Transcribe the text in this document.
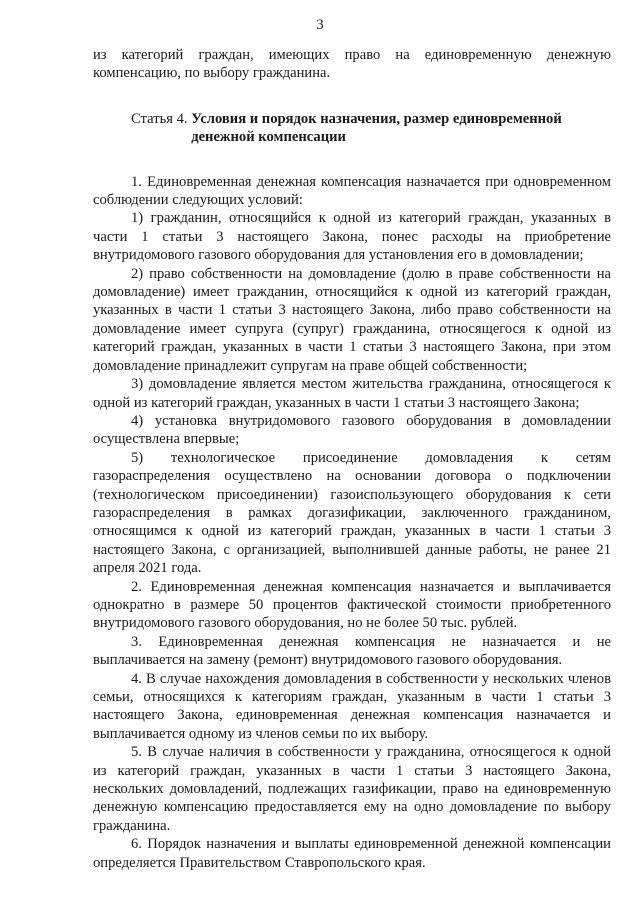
3

из категорий граждан, имеющих право на единовременную денежную компенсацию, по выбору гражданина.

Статья 4. Условия и порядок назначения, размер единовременной денежной компенсации

1. Единовременная денежная компенсация назначается при одновременном соблюдении следующих условий:

1) гражданин, относящийся к одной из категорий граждан, указанных в части 1 статьи 3 настоящего Закона, понес расходы на приобретение внутридомового газового оборудования для установления его в домовладении;

2) право собственности на домовладение (долю в праве собственности на домовладение) имеет гражданин, относящийся к одной из категорий граждан, указанных в части 1 статьи 3 настоящего Закона, либо право собственности на домовладение имеет супруга (супруг) гражданина, относящегося к одной из категорий граждан, указанных в части 1 статьи 3 настоящего Закона, при этом домовладение принадлежит супругам на праве общей собственности;

3) домовладение является местом жительства гражданина, относящегося к одной из категорий граждан, указанных в части 1 статьи 3 настоящего Закона;

4) установка внутридомового газового оборудования в домовладении осуществлена впервые;

5) технологическое присоединение домовладения к сетям газораспределения осуществлено на основании договора о подключении (технологическом присоединении) газоиспользующего оборудования к сети газораспределения в рамках догазификации, заключенного гражданином, относящимся к одной из категорий граждан, указанных в части 1 статьи 3 настоящего Закона, с организацией, выполнившей данные работы, не ранее 21 апреля 2021 года.

2. Единовременная денежная компенсация назначается и выплачивается однократно в размере 50 процентов фактической стоимости приобретенного внутридомового газового оборудования, но не более 50 тыс. рублей.

3. Единовременная денежная компенсация не назначается и не выплачивается на замену (ремонт) внутридомового газового оборудования.

4. В случае нахождения домовладения в собственности у нескольких членов семьи, относящихся к категориям граждан, указанным в части 1 статьи 3 настоящего Закона, единовременная денежная компенсация назначается и выплачивается одному из членов семьи по их выбору.

5. В случае наличия в собственности у гражданина, относящегося к одной из категорий граждан, указанных в части 1 статьи 3 настоящего Закона, нескольких домовладений, подлежащих газификации, право на единовременную денежную компенсацию предоставляется ему на одно домовладение по выбору гражданина.

6. Порядок назначения и выплаты единовременной денежной компенсации определяется Правительством Ставропольского края.
